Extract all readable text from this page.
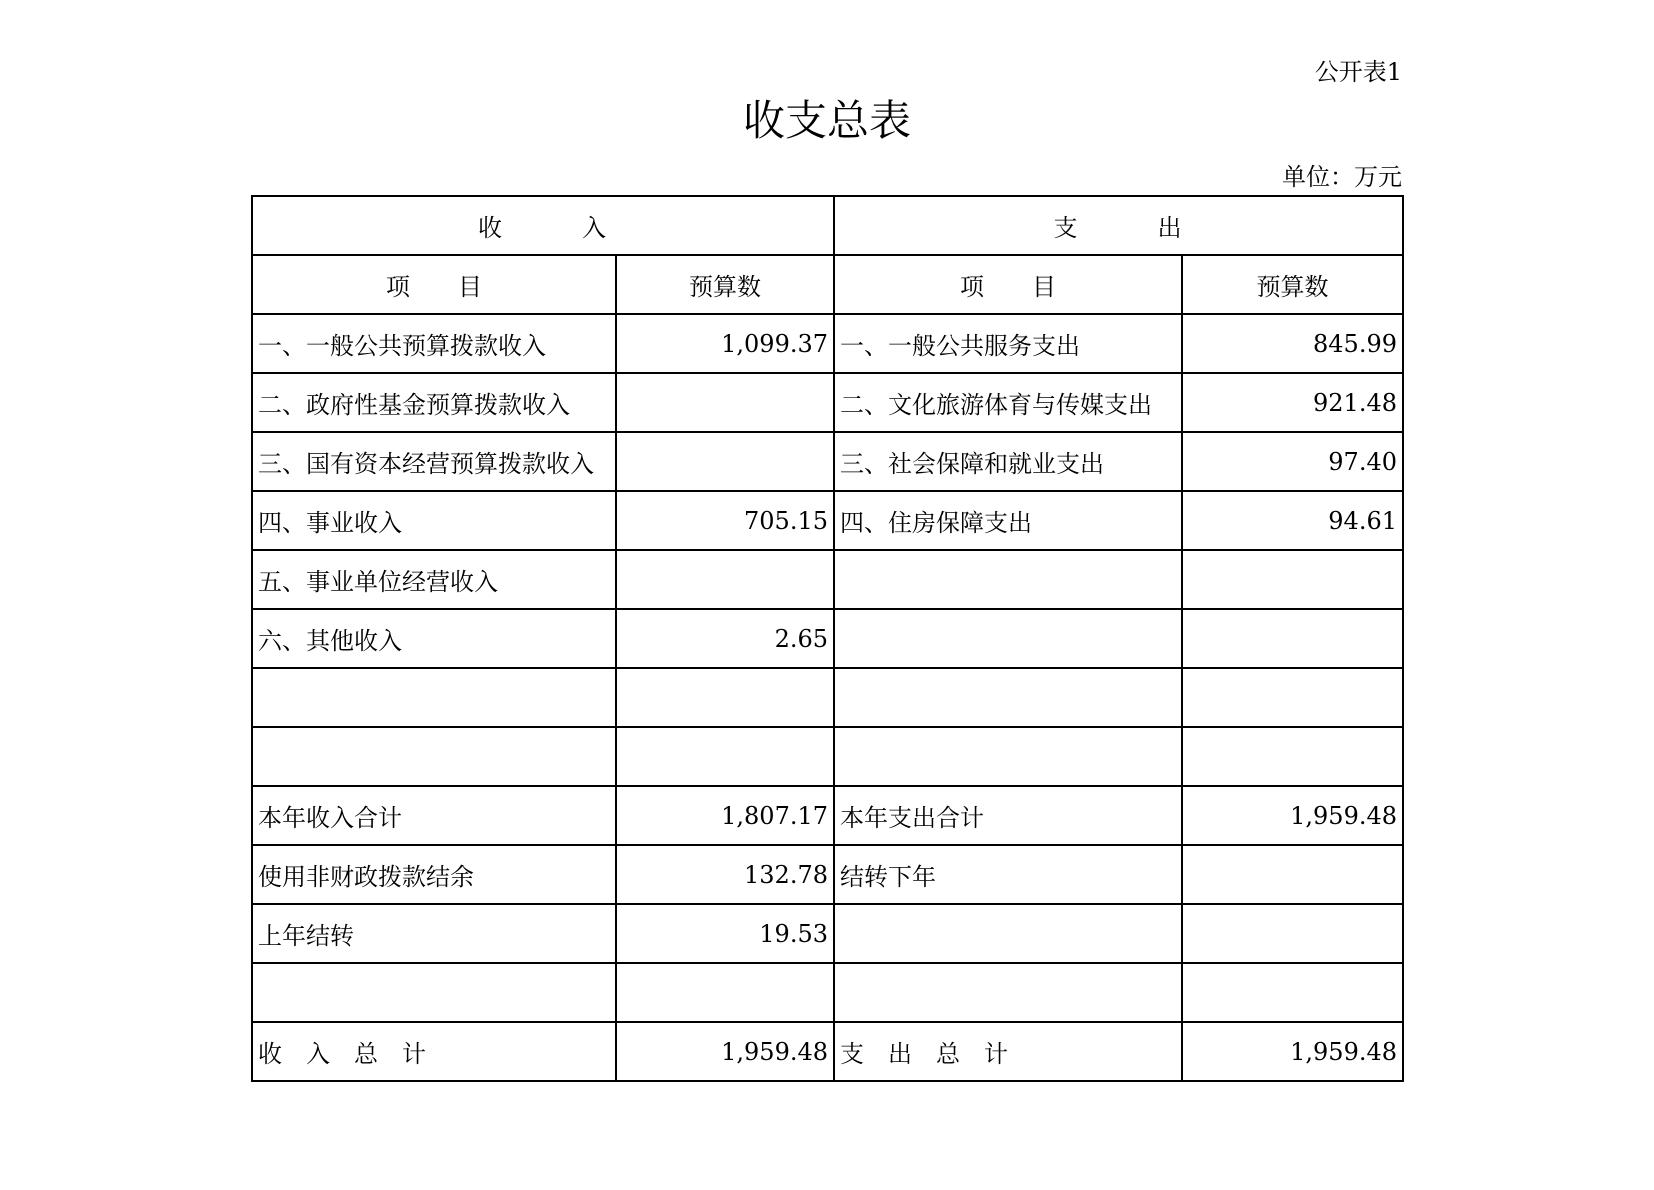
公开表1
收支总表
单位：万元
收　　　入		支　　　出	
项　　目	预算数	项　　目	预算数
一、一般公共预算拨款收入	1,099.37	一、一般公共服务支出	845.99
二、政府性基金预算拨款收入		二、文化旅游体育与传媒支出	921.48
三、国有资本经营预算拨款收入		三、社会保障和就业支出	97.40
四、事业收入	705.15	四、住房保障支出	94.61
五、事业单位经营收入			
六、其他收入	2.65		

本年收入合计	1,807.17	本年支出合计	1,959.48
使用非财政拨款结余	132.78	结转下年	
上年结转	19.53		

收　入　总　计	1,959.48	支　出　总　计	1,959.48
